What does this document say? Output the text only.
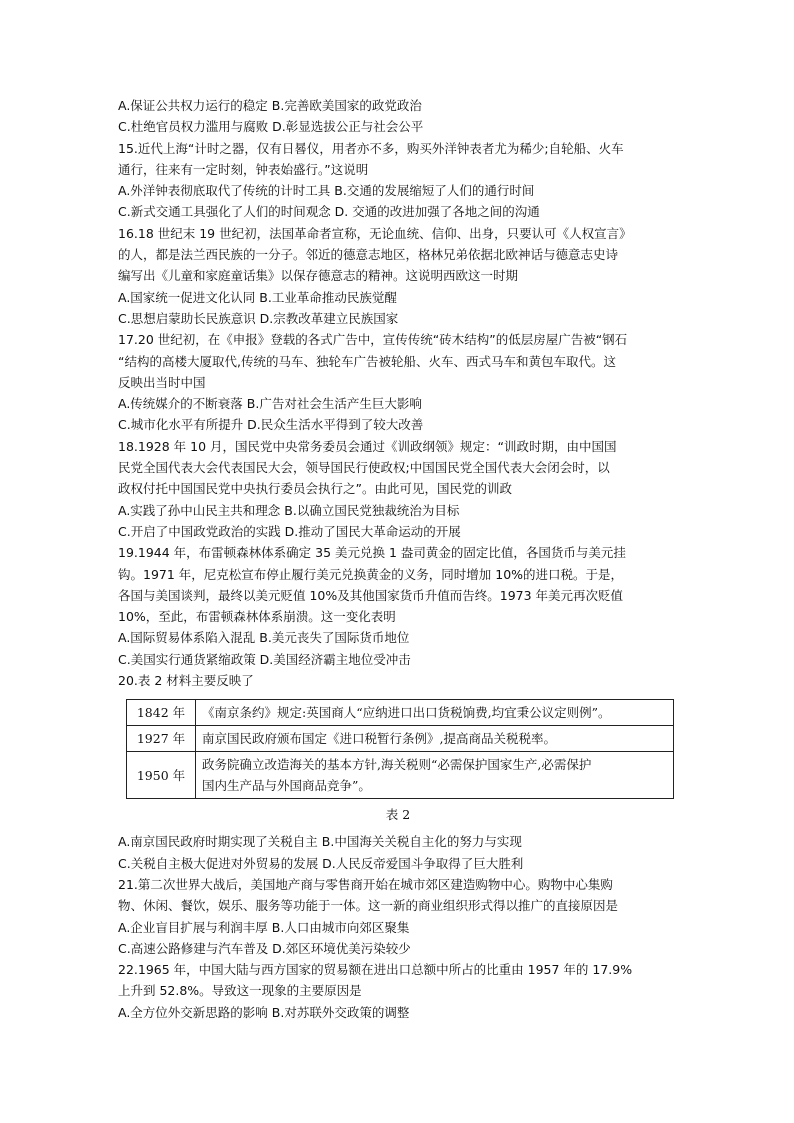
A.保证公共权力运行的稳定 B.完善欧美国家的政党政治
C.杜绝官员权力滥用与腐败 D.彰显选拔公正与社会公平
15.近代上海“计时之器，仅有日晷仪，用者亦不多，购买外洋钟表者尤为稀少;自轮船、火车
通行，往来有一定时刻，钟表始盛行。”这说明
A.外洋钟表彻底取代了传统的计时工具 B.交通的发展缩短了人们的通行时间
C.新式交通工具强化了人们的时间观念 D. 交通的改进加强了各地之间的沟通
16.18 世纪末 19 世纪初，法国革命者宣称，无论血统、信仰、出身，只要认可《人权宣言》
的人，都是法兰西民族的一分子。邻近的德意志地区，格林兄弟依据北欧神话与德意志史诗
编写出《儿童和家庭童话集》以保存德意志的精神。这说明西欧这一时期
A.国家统一促进文化认同 B.工业革命推动民族觉醒
C.思想启蒙助长民族意识 D.宗教改革建立民族国家
17.20 世纪初，在《申报》登载的各式广告中，宣传传统“砖木结构”的低层房屋广告被“钢石
“结构的高楼大厦取代,传统的马车、独轮车广告被轮船、火车、西式马车和黄包车取代。这
反映出当时中国
A.传统媒介的不断衰落 B.广告对社会生活产生巨大影响
C.城市化水平有所提升 D.民众生活水平得到了较大改善
18.1928 年 10 月，国民党中央常务委员会通过《训政纲领》规定：“训政时期，由中国国
民党全国代表大会代表国民大会，领导国民行使政权;中国国民党全国代表大会闭会时，以
政权付托中国国民党中央执行委员会执行之”。由此可见，国民党的训政
A.实践了孙中山民主共和理念 B.以确立国民党独裁统治为目标
C.开启了中国政党政治的实践 D.推动了国民大革命运动的开展
19.1944 年，布雷顿森林体系确定 35 美元兑换 1 盎司黄金的固定比值，各国货币与美元挂
钩。1971 年，尼克松宣布停止履行美元兑换黄金的义务，同时增加 10%的进口税。于是，
各国与美国谈判，最终以美元贬值 10%及其他国家货币升值而告终。1973 年美元再次贬值
10%，至此，布雷顿森林体系崩溃。这一变化表明
A.国际贸易体系陷入混乱 B.美元丧失了国际货币地位
C.美国实行通货紧缩政策 D.美国经济霸主地位受冲击
20.表 2 材料主要反映了
1842 年	《南京条约》规定:英国商人“应纳进口出口货税饷费,均宜秉公议定则例”。
1927 年	南京国民政府颁布国定《进口税暂行条例》,提高商品关税税率。
1950 年	政务院确立改造海关的基本方针,海关税则“必需保护国家生产,必需保护
国内生产品与外国商品竞争”。
表 2
A.南京国民政府时期实现了关税自主 B.中国海关关税自主化的努力与实现
C.关税自主极大促进对外贸易的发展 D.人民反帝爱国斗争取得了巨大胜利
21.第二次世界大战后，美国地产商与零售商开始在城市郊区建造购物中心。购物中心集购
物、休闲、餐饮，娱乐、服务等功能于一体。这一新的商业组织形式得以推广的直接原因是
A.企业盲目扩展与利润丰厚 B.人口由城市向郊区聚集
C.高速公路修建与汽车普及 D.郊区环境优美污染较少
22.1965 年，中国大陆与西方国家的贸易额在进出口总额中所占的比重由 1957 年的 17.9%
上升到 52.8%。导致这一现象的主要原因是
A.全方位外交新思路的影响 B.对苏联外交政策的调整
